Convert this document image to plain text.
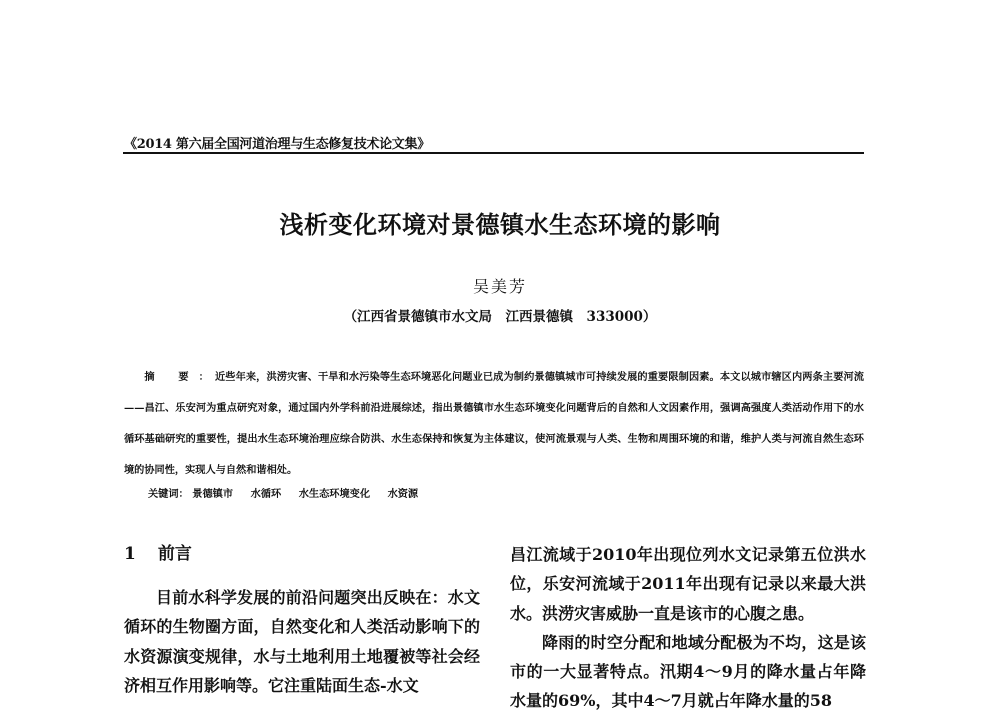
《2014 第六届全国河道治理与生态修复技术论文集》
浅析变化环境对景德镇水生态环境的影响
吴美芳
（江西省景德镇市水文局　江西景德镇　333000）
摘 要：近些年来，洪涝灾害、干旱和水污染等生态环境恶化问题业已成为制约景德镇城市可持续发展的重要限制因素。本文以城市辖区内两条主要河流——昌江、乐安河为重点研究对象，通过国内外学科前沿进展综述，指出景德镇市水生态环境变化问题背后的自然和人文因素作用，强调高强度人类活动作用下的水循环基础研究的重要性，提出水生态环境治理应综合防洪、水生态保持和恢复为主体建议，使河流景观与人类、生物和周围环境的和谐，维护人类与河流自然生态环境的协同性，实现人与自然和谐相处。
关键词： 景德镇市 水循环 水生态环境变化 水资源
1 前言

目前水科学发展的前沿问题突出反映在：水文循环的生物圈方面，自然变化和人类活动影响下的水资源演变规律，水与土地利用土地覆被等社会经济相互作用影响等。它注重陆面生态-水文

昌江流域于2010年出现位列水文记录第五位洪水位，乐安河流域于2011年出现有记录以来最大洪水。洪涝灾害威胁一直是该市的心腹之患。

降雨的时空分配和地域分配极为不均，这是该市的一大显著特点。汛期4～9月的降水量占年降水量的69%，其中4～7月就占年降水量的58
